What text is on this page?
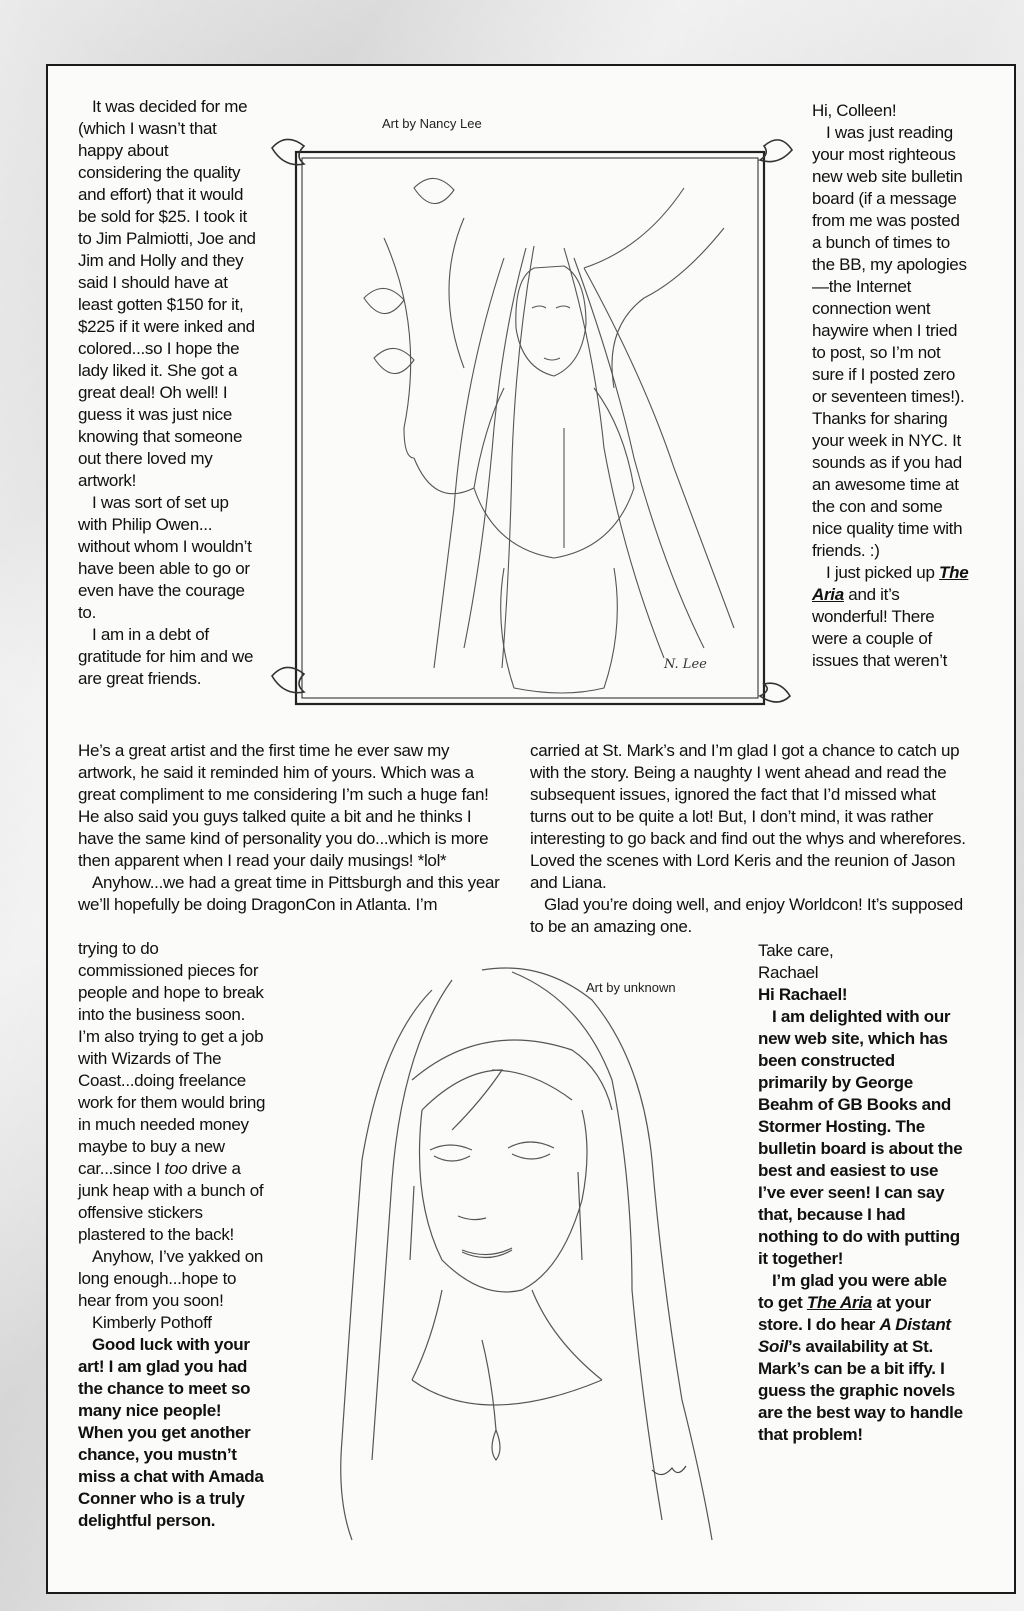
It was decided for me (which I wasn’t that happy about considering the quality and effort) that it would be sold for $25. I took it to Jim Palmiotti, Joe and Jim and Holly and they said I should have at least gotten $150 for it, $225 if it were inked and colored...so I hope the lady liked it. She got a great deal! Oh well! I guess it was just nice knowing that someone out there loved my artwork!

I was sort of set up with Philip Owen... without whom I wouldn’t have been able to go or even have the courage to.

I am in a debt of gratitude for him and we are great friends.

He’s a great artist and the first time he ever saw my artwork, he said it reminded him of yours. Which was a great compliment to me considering I’m such a huge fan! He also said you guys talked quite a bit and he thinks I have the same kind of personality you do...which is more then apparent when I read your daily musings! *lol*

Anyhow...we had a great time in Pittsburgh and this year we’ll hopefully be doing DragonCon in Atlanta. I’m

trying to do commissioned pieces for people and hope to break into the business soon. I’m also trying to get a job with Wizards of The Coast...doing freelance work for them would bring in much needed money maybe to buy a new car...since I too drive a junk heap with a bunch of offensive stickers plastered to the back!

Anyhow, I’ve yakked on long enough...hope to hear from you soon!

Kimberly Pothoff

Good luck with your art! I am glad you had the chance to meet so many nice people! When you get another chance, you mustn’t miss a chat with Amada Conner who is a truly delightful person.

Hi, Colleen!

I was just reading your most righteous new web site bulletin board (if a message from me was posted a bunch of times to the BB, my apologies—the Internet connection went haywire when I tried to post, so I’m not sure if I posted zero or seventeen times!). Thanks for sharing your week in NYC. It sounds as if you had an awesome time at the con and some nice quality time with friends. :)

I just picked up The Aria and it’s wonderful! There were a couple of issues that weren’t

carried at St. Mark’s and I’m glad I got a chance to catch up with the story. Being a naughty I went ahead and read the subsequent issues, ignored the fact that I’d missed what turns out to be quite a lot! But, I don’t mind, it was rather interesting to go back and find out the whys and wherefores. Loved the scenes with Lord Keris and the reunion of Jason and Liana.

Glad you’re doing well, and enjoy Worldcon! It’s supposed to be an amazing one.

Take care,

Rachael

Hi Rachael!

I am delighted with our new web site, which has been constructed primarily by George Beahm of GB Books and Stormer Hosting. The bulletin board is about the best and easiest to use I’ve ever seen! I can say that, because I had nothing to do with putting it together!

I’m glad you were able to get The Aria at your store. I do hear A Distant Soil’s availability at St. Mark’s can be a bit iffy. I guess the graphic novels are the best way to handle that problem!

Art by Nancy Lee
N. Lee
Art by unknown
